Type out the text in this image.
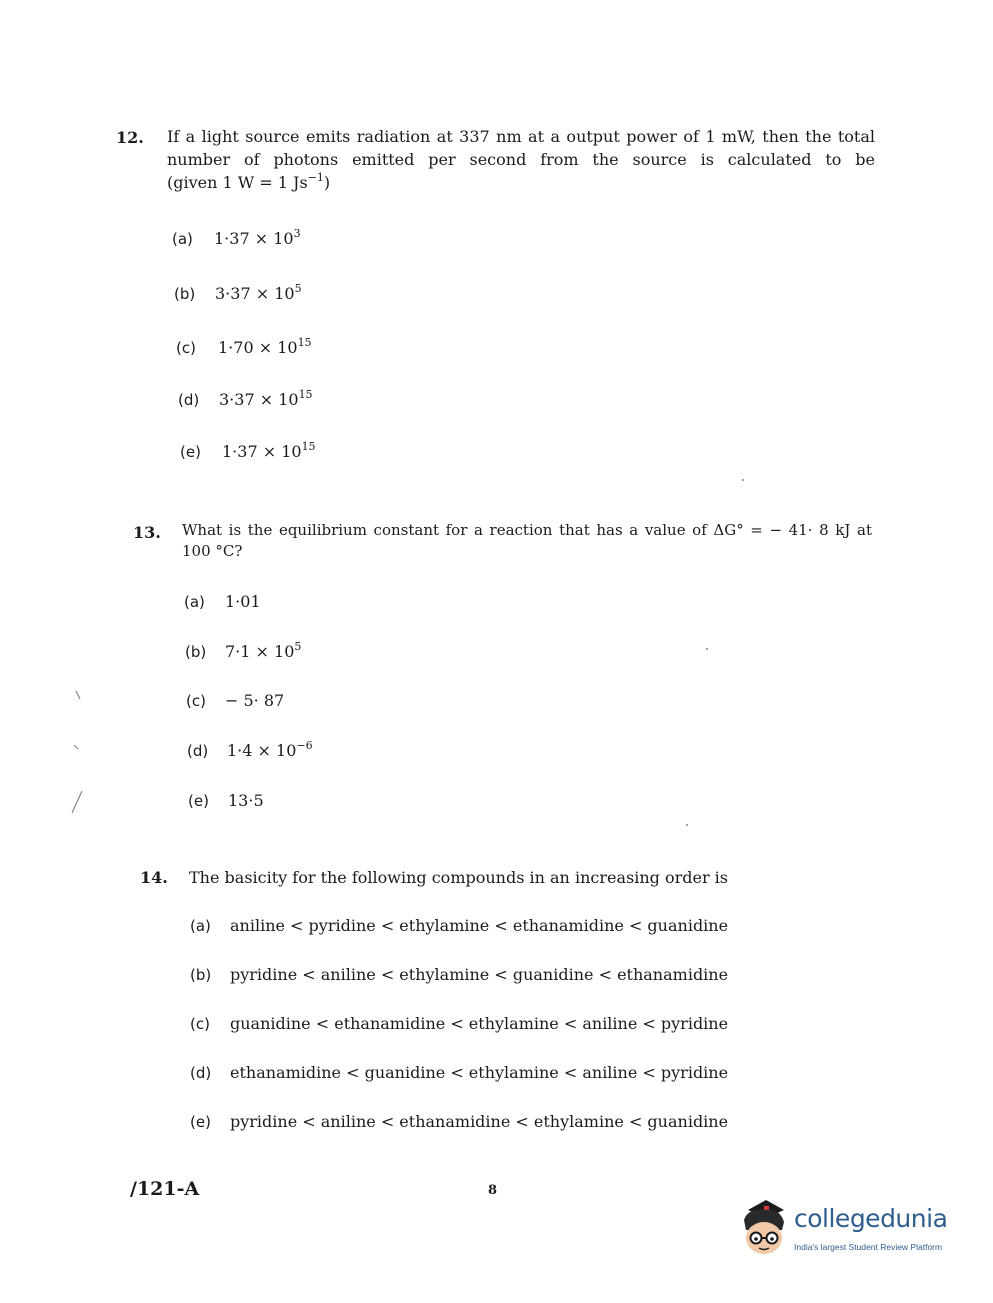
12. If a light source emits radiation at 337 nm at a output power of 1 mW, then the total
number of photons emitted per second from the source is calculated to be
(given 1 W = 1 $Js^{-1}$)
(a) $1\cdot 37 \times 10^3$
(b) $3\cdot 37 \times 10^5$
(c) $1\cdot 70 \times 10^{15}$
(d) $3\cdot 37 \times 10^{15}$
(e) $1\cdot 37 \times 10^{15}$
13. What is the equilibrium constant for a reaction that has a value of ΔG° = − 41· 8 kJ at
100 °C?
(a) 1·01
(b) $7\cdot 1 \times 10^5$
(c) − 5· 87
(d) $1\cdot 4 \times 10^{-6}$
(e) 13·5
14. The basicity for the following compounds in an increasing order is
(a) aniline < pyridine < ethylamine < ethanamidine < guanidine
(b) pyridine < aniline < ethylamine < guanidine < ethanamidine
(c) guanidine < ethanamidine < ethylamine < aniline < pyridine
(d) ethanamidine < guanidine < ethylamine < aniline < pyridine
(e) pyridine < aniline < ethanamidine < ethylamine < guanidine
/121-A	8
collegedunia
India's largest Student Review Platform
